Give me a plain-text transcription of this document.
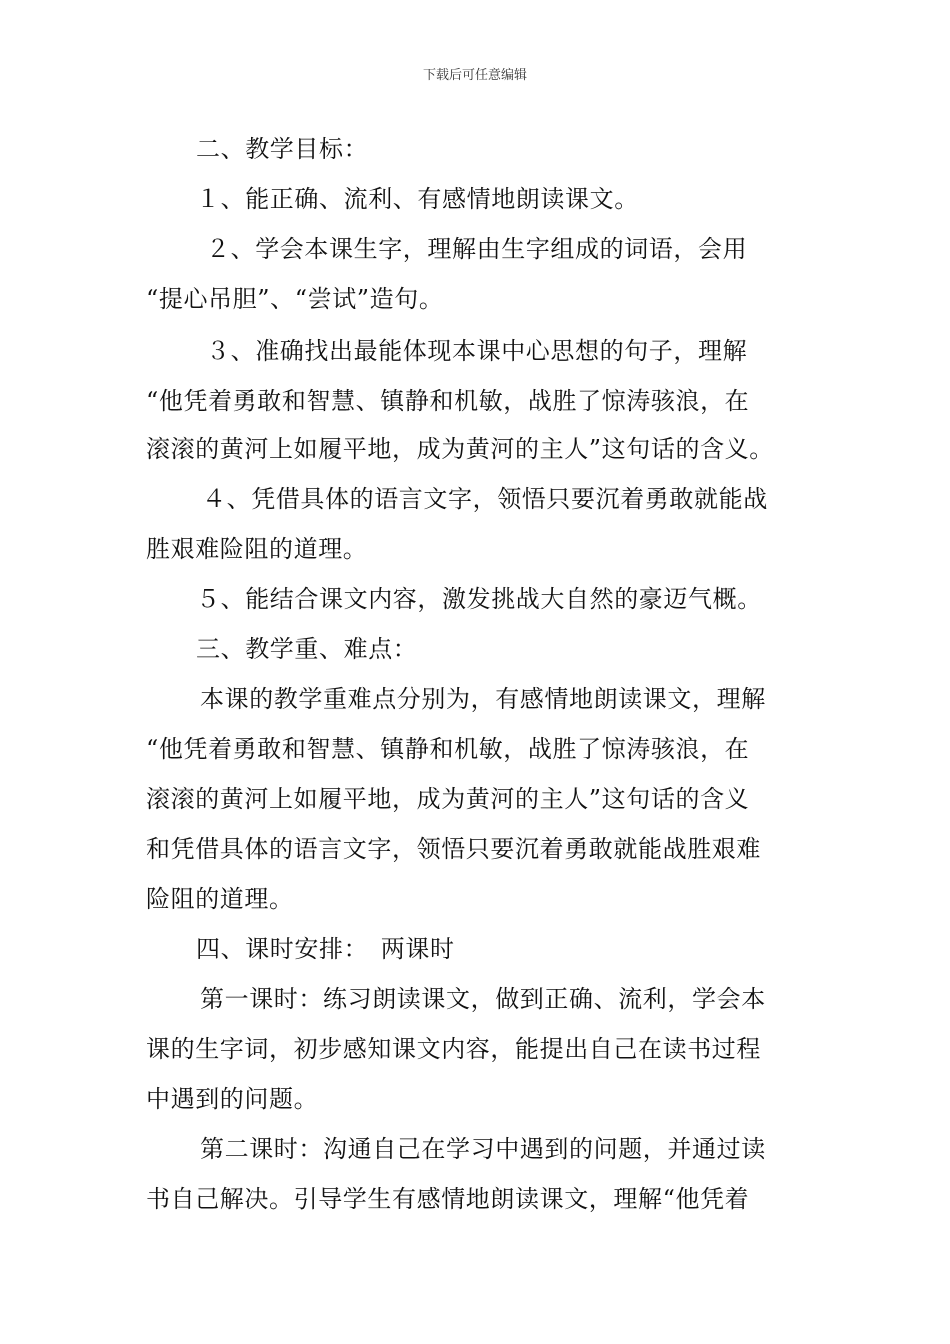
下载后可任意编辑
二、教学目标：
１、能正确、流利、有感情地朗读课文。
２、学会本课生字，理解由生字组成的词语，会用
“提心吊胆”、“尝试”造句。
３、准确找出最能体现本课中心思想的句子，理解
“他凭着勇敢和智慧、镇静和机敏，战胜了惊涛骇浪，在
滚滚的黄河上如履平地，成为黄河的主人”这句话的含义。
４、凭借具体的语言文字，领悟只要沉着勇敢就能战
胜艰难险阻的道理。
５、能结合课文内容，激发挑战大自然的豪迈气概。
三、教学重、难点：
本课的教学重难点分别为，有感情地朗读课文，理解
“他凭着勇敢和智慧、镇静和机敏，战胜了惊涛骇浪，在
滚滚的黄河上如履平地，成为黄河的主人”这句话的含义
和凭借具体的语言文字，领悟只要沉着勇敢就能战胜艰难
险阻的道理。
四、课时安排：　两课时
第一课时：练习朗读课文，做到正确、流利，学会本
课的生字词，初步感知课文内容，能提出自己在读书过程
中遇到的问题。
第二课时：沟通自己在学习中遇到的问题，并通过读
书自己解决。引导学生有感情地朗读课文，理解“他凭着
